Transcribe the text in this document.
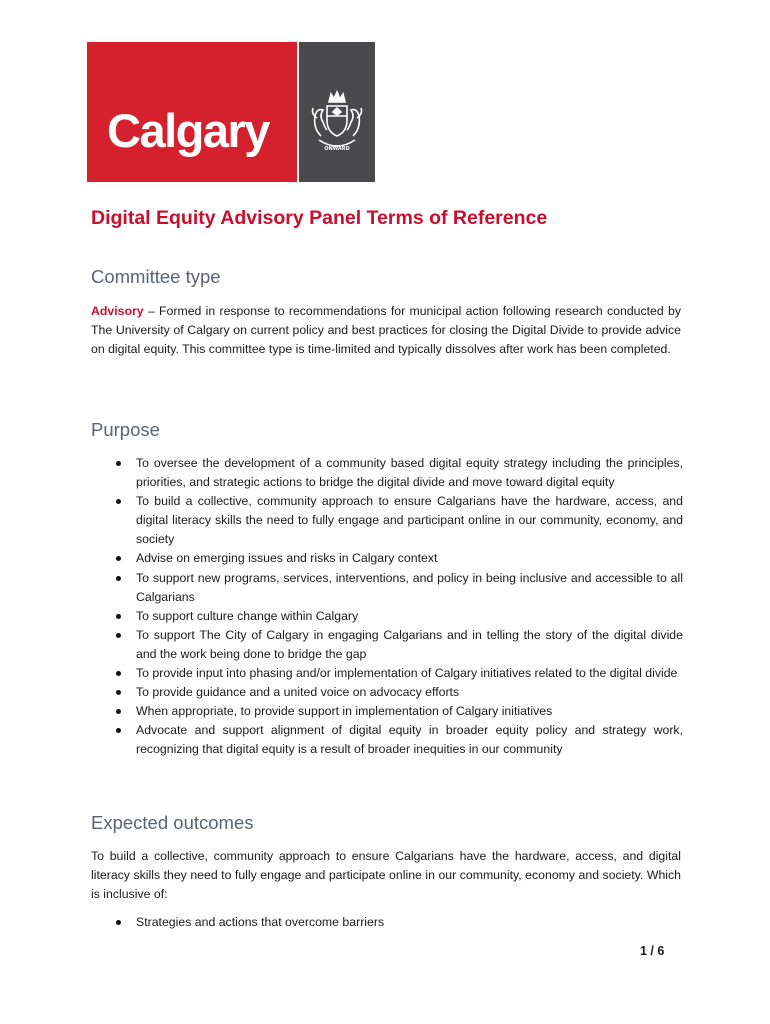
Calgary	ONWARD
Digital Equity Advisory Panel Terms of Reference
Committee type
Advisory – Formed in response to recommendations for municipal action following research conducted by The University of Calgary on current policy and best practices for closing the Digital Divide to provide advice on digital equity. This committee type is time-limited and typically dissolves after work has been completed.
Purpose
To oversee the development of a community based digital equity strategy including the principles, priorities, and strategic actions to bridge the digital divide and move toward digital equity
To build a collective, community approach to ensure Calgarians have the hardware, access, and digital literacy skills the need to fully engage and participant online in our community, economy, and society
Advise on emerging issues and risks in Calgary context
To support new programs, services, interventions, and policy in being inclusive and accessible to all Calgarians
To support culture change within Calgary
To support The City of Calgary in engaging Calgarians and in telling the story of the digital divide and the work being done to bridge the gap
To provide input into phasing and/or implementation of Calgary initiatives related to the digital divide
To provide guidance and a united voice on advocacy efforts
When appropriate, to provide support in implementation of Calgary initiatives
Advocate and support alignment of digital equity in broader equity policy and strategy work, recognizing that digital equity is a result of broader inequities in our community
Expected outcomes
To build a collective, community approach to ensure Calgarians have the hardware, access, and digital literacy skills they need to fully engage and participate online in our community, economy and society. Which is inclusive of:
Strategies and actions that overcome barriers
1 / 6
